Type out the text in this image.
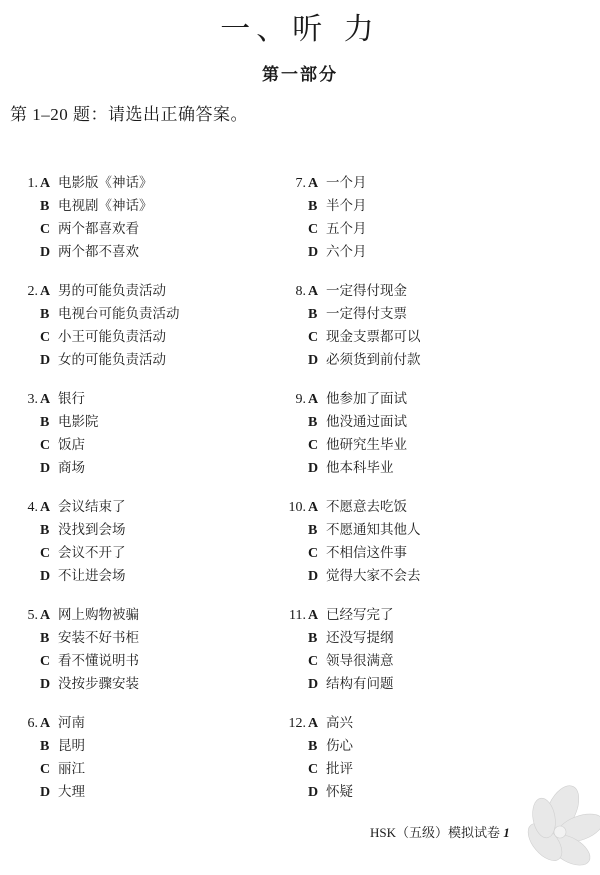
一、听 力
第一部分
第 1–20 题：请选出正确答案。
1. A 电影版《神话》
B 电视剧《神话》
C 两个都喜欢看
D 两个都不喜欢
2. A 男的可能负责活动
B 电视台可能负责活动
C 小王可能负责活动
D 女的可能负责活动
3. A 银行
B 电影院
C 饭店
D 商场
4. A 会议结束了
B 没找到会场
C 会议不开了
D 不让进会场
5. A 网上购物被骗
B 安装不好书柜
C 看不懂说明书
D 没按步骤安装
6. A 河南
B 昆明
C 丽江
D 大理
7. A 一个月
B 半个月
C 五个月
D 六个月
8. A 一定得付现金
B 一定得付支票
C 现金支票都可以
D 必须货到前付款
9. A 他参加了面试
B 他没通过面试
C 他研究生毕业
D 他本科毕业
10. A 不愿意去吃饭
B 不愿通知其他人
C 不相信这件事
D 觉得大家不会去
11. A 已经写完了
B 还没写提纲
C 领导很满意
D 结构有问题
12. A 高兴
B 伤心
C 批评
D 怀疑
HSK（五级）模拟试卷 1
